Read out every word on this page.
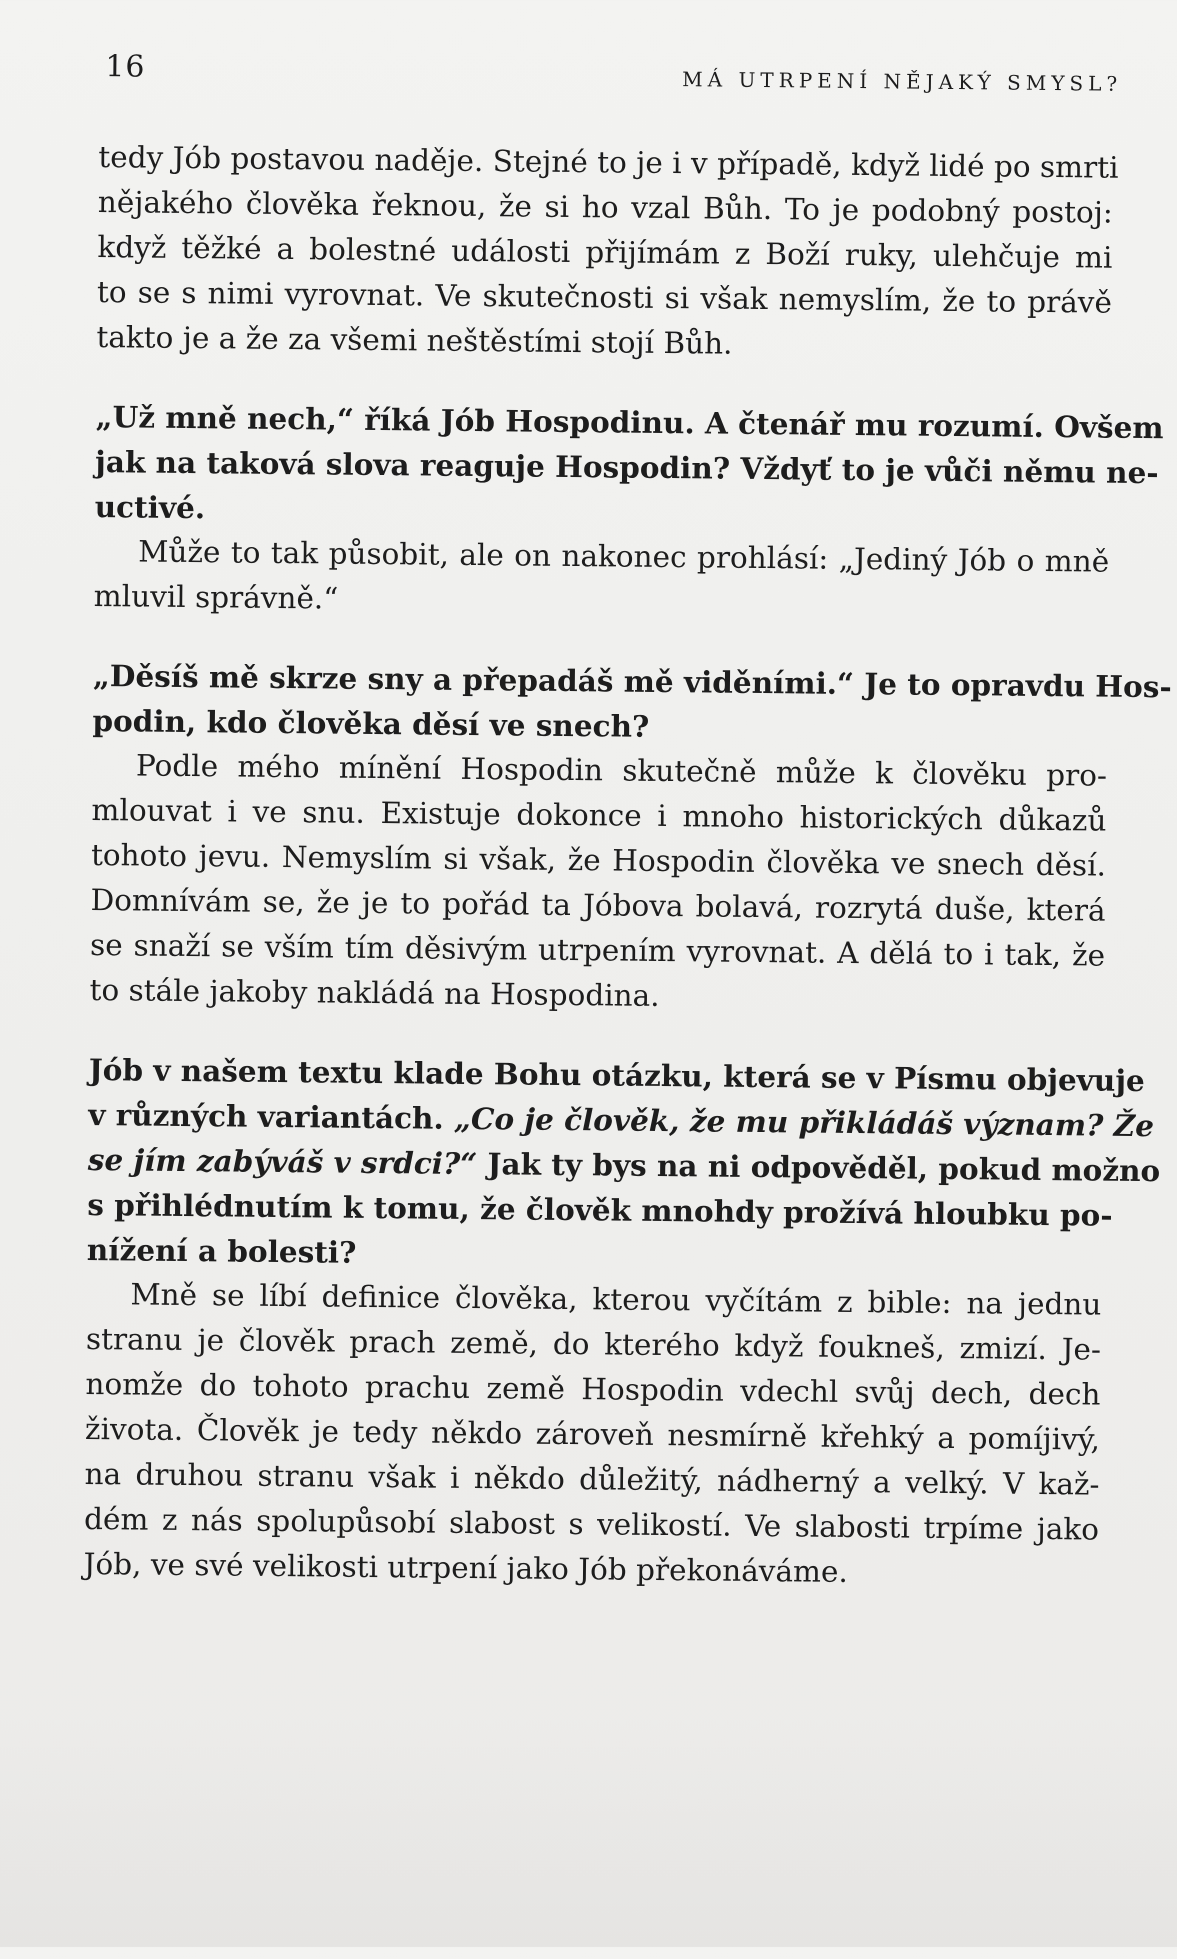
16	MÁ UTRPENÍ NĚJAKÝ SMYSL?
tedy Jób postavou naděje. Stejné to je i v případě, když lidé po smrti
nějakého člověka řeknou, že si ho vzal Bůh. To je podobný postoj:
když těžké a bolestné události přijímám z Boží ruky, ulehčuje mi
to se s nimi vyrovnat. Ve skutečnosti si však nemyslím, že to právě
takto je a že za všemi neštěstími stojí Bůh.
„Už mně nech,“ říká Jób Hospodinu. A čtenář mu rozumí. Ovšem
jak na taková slova reaguje Hospodin? Vždyť to je vůči němu ne-
uctivé.
Může to tak působit, ale on nakonec prohlásí: „Jediný Jób o mně
mluvil správně.“
„Děsíš mě skrze sny a přepadáš mě viděními.“ Je to opravdu Hos-
podin, kdo člověka děsí ve snech?
Podle mého mínění Hospodin skutečně může k člověku pro-
mlouvat i ve snu. Existuje dokonce i mnoho historických důkazů
tohoto jevu. Nemyslím si však, že Hospodin člověka ve snech děsí.
Domnívám se, že je to pořád ta Jóbova bolavá, rozrytá duše, která
se snaží se vším tím děsivým utrpením vyrovnat. A dělá to i tak, že
to stále jakoby nakládá na Hospodina.
Jób v našem textu klade Bohu otázku, která se v Písmu objevuje
v různých variantách. „Co je člověk, že mu přikládáš význam? Že
se jím zabýváš v srdci?“ Jak ty bys na ni odpověděl, pokud možno
s přihlédnutím k tomu, že člověk mnohdy prožívá hloubku po-
nížení a bolesti?
Mně se líbí definice člověka, kterou vyčítám z bible: na jednu
stranu je člověk prach země, do kterého když foukneš, zmizí. Je-
nomže do tohoto prachu země Hospodin vdechl svůj dech, dech
života. Člověk je tedy někdo zároveň nesmírně křehký a pomíjivý,
na druhou stranu však i někdo důležitý, nádherný a velký. V kaž-
dém z nás spolupůsobí slabost s velikostí. Ve slabosti trpíme jako
Jób, ve své velikosti utrpení jako Jób překonáváme.
